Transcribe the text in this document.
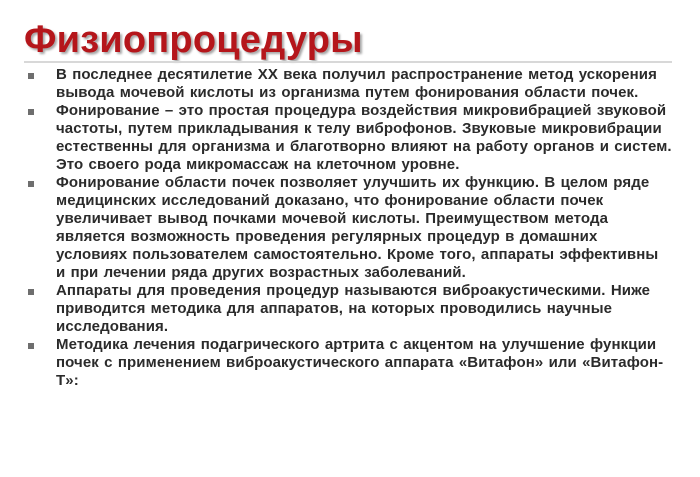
Физиопроцедуры
В последнее десятилетие XX века получил распространение метод ускорения вывода мочевой кислоты из организма путем фонирования области почек.
Фонирование – это простая процедура воздействия микровибрацией звуковой частоты, путем прикладывания к телу виброфонов. Звуковые микровибрации естественны для организма и благотворно влияют на работу органов и систем. Это своего рода микромассаж на клеточном уровне.
Фонирование области почек позволяет улучшить их функцию. В целом ряде медицинских исследований доказано, что фонирование области почек увеличивает вывод почками мочевой кислоты. Преимуществом метода является возможность проведения регулярных процедур в домашних условиях пользователем самостоятельно. Кроме того, аппараты эффективны и при лечении ряда других возрастных заболеваний.
Аппараты для проведения процедур называются виброакустическими. Ниже приводится методика для аппаратов, на которых проводились научные исследования.
Методика лечения подагрического артрита с акцентом на улучшение функции почек с применением виброакустического аппарата «Витафон» или «Витафон-Т»:
